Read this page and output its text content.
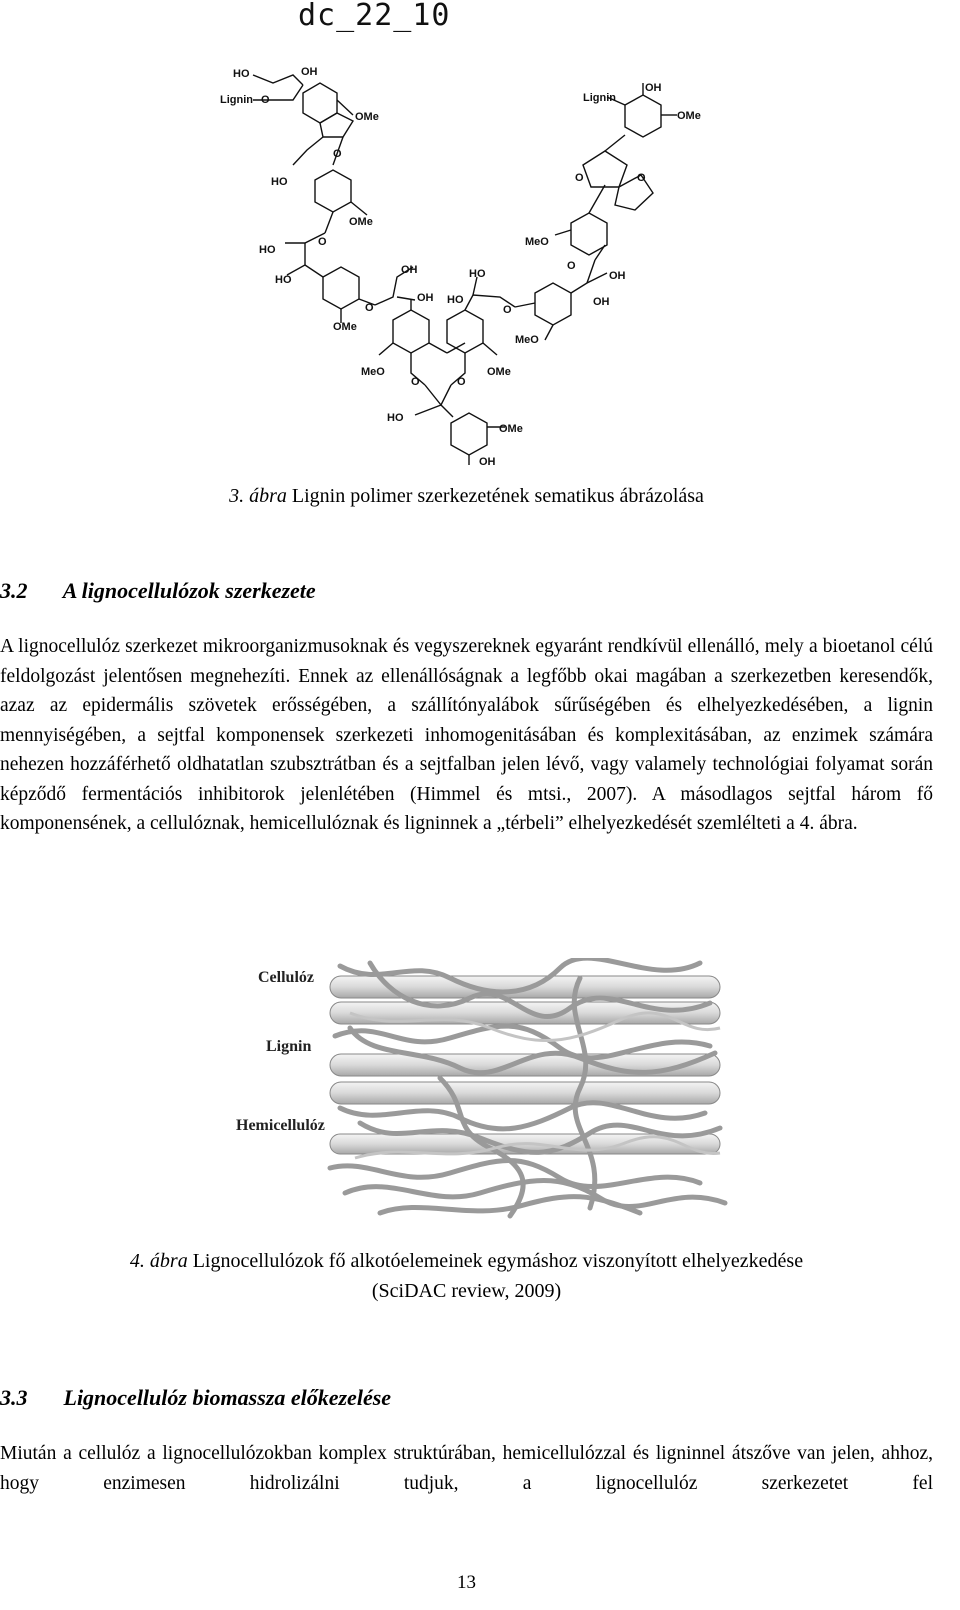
dc_22_10
HO	OH
Lignin O
OMe
O
HO
OMe
O
HO
HO
OMe
O
OH
OH
MeO
O	O
OMe
HO
OMe
OH
HO
HO
O
MeO
OH
OH
O
MeO
O	O
Lignin
OH
OMe
3. ábra Lignin polimer szerkezetének sematikus ábrázolása
3.2 A lignocellulózok szerkezete
A lignocellulóz szerkezet mikroorganizmusoknak és vegyszereknek egyaránt rendkívül ellenálló, mely a bioetanol célú feldolgozást jelentősen megnehezíti. Ennek az ellenállóságnak a legfőbb okai magában a szerkezetben keresendők, azaz az epidermális szövetek erősségében, a szállítónyalábok sűrűségében és elhelyezkedésében, a lignin mennyiségében, a sejtfal komponensek szerkezeti inhomogenitásában és komplexitásában, az enzimek számára nehezen hozzáférhető oldhatatlan szubsztrátban és a sejtfalban jelen lévő, vagy valamely technológiai folyamat során képződő fermentációs inhibitorok jelenlétében (Himmel és mtsi., 2007). A másodlagos sejtfal három fő komponensének, a cellulóznak, hemicellulóznak és ligninnek a „térbeli” elhelyezkedését szemlélteti a 4. ábra.
Cellulóz
Lignin
Hemicellulóz
4. ábra Lignocellulózok fő alkotóelemeinek egymáshoz viszonyított elhelyezkedése
(SciDAC review, 2009)
3.3 Lignocellulóz biomassza előkezelése
Miután a cellulóz a lignocellulózokban komplex struktúrában, hemicellulózzal és ligninnel átszőve van jelen, ahhoz, hogy enzimesen hidrolizálni tudjuk, a lignocellulóz szerkezetet fel
13
